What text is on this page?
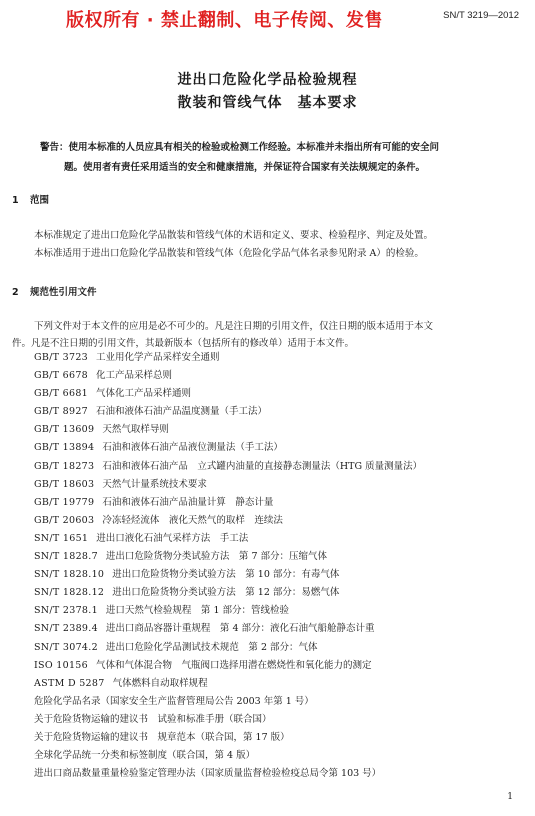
版权所有 · 禁止翻制、电子传阅、发售	SN/T 3219—2012
进出口危险化学品检验规程
散装和管线气体　基本要求
警告：使用本标准的人员应具有相关的检验或检测工作经验。本标准并未指出所有可能的安全问
题。使用者有责任采用适当的安全和健康措施，并保证符合国家有关法规规定的条件。
1 范围
本标准规定了进出口危险化学品散装和管线气体的术语和定义、要求、检验程序、判定及处置。
本标准适用于进出口危险化学品散装和管线气体（危险化学品气体名录参见附录 A）的检验。
2 规范性引用文件
下列文件对于本文件的应用是必不可少的。凡是注日期的引用文件，仅注日期的版本适用于本文
件。凡是不注日期的引用文件，其最新版本（包括所有的修改单）适用于本文件。
GB/T 3723 工业用化学产品采样安全通则
GB/T 6678 化工产品采样总则
GB/T 6681 气体化工产品采样通则
GB/T 8927 石油和液体石油产品温度测量（手工法）
GB/T 13609 天然气取样导则
GB/T 13894 石油和液体石油产品液位测量法（手工法）
GB/T 18273 石油和液体石油产品　立式罐内油量的直接静态测量法（HTG 质量测量法）
GB/T 18603 天然气计量系统技术要求
GB/T 19779 石油和液体石油产品油量计算　静态计量
GB/T 20603 冷冻轻烃流体　液化天然气的取样　连续法
SN/T 1651 进出口液化石油气采样方法　手工法
SN/T 1828.7 进出口危险货物分类试验方法　第 7 部分：压缩气体
SN/T 1828.10 进出口危险货物分类试验方法　第 10 部分：有毒气体
SN/T 1828.12 进出口危险货物分类试验方法　第 12 部分：易燃气体
SN/T 2378.1 进口天然气检验规程　第 1 部分：管线检验
SN/T 2389.4 进出口商品容器计重规程　第 4 部分：液化石油气船舱静态计重
SN/T 3074.2 进出口危险化学品测试技术规范　第 2 部分：气体
ISO 10156 气体和气体混合物　气瓶阀口选择用潜在燃烧性和氧化能力的测定
ASTM D 5287 气体燃料自动取样规程
危险化学品名录（国家安全生产监督管理局公告 2003 年第 1 号）
关于危险货物运输的建议书　试验和标准手册（联合国）
关于危险货物运输的建议书　规章范本（联合国，第 17 版）
全球化学品统一分类和标签制度（联合国，第 4 版）
进出口商品数量重量检验鉴定管理办法（国家质量监督检验检疫总局令第 103 号）
1
